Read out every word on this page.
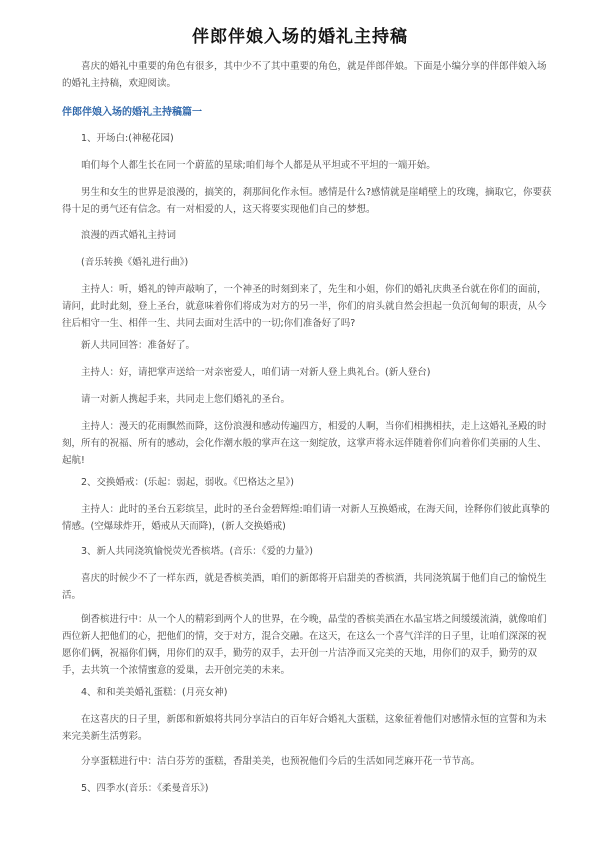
伴郎伴娘入场的婚礼主持稿

喜庆的婚礼中重要的角色有很多，其中少不了其中重要的角色，就是伴郎伴娘。下面是小编分享的伴郎伴娘入场的婚礼主持稿，欢迎阅读。

伴郎伴娘入场的婚礼主持稿篇一

1、开场白:(神秘花园)

咱们每个人都生长在同一个蔚蓝的星球;咱们每个人都是从平坦或不平坦的一端开始。

男生和女生的世界是浪漫的，搞笑的，刹那间化作永恒。感情是什么?感情就是崖峭壁上的玫瑰，摘取它，你要获得十足的勇气还有信念。有一对相爱的人，这天将要实现他们自己的梦想。

浪漫的西式婚礼主持词

(音乐转换《婚礼进行曲》)

主持人：听，婚礼的钟声敲响了，一个神圣的时刻到来了，先生和小姐，你们的婚礼庆典圣台就在你们的面前，请问，此时此刻，登上圣台，就意味着你们将成为对方的另一半，你们的肩头就自然会担起一负沉甸甸的职责，从今往后相守一生、相伴一生、共同去面对生活中的一切;你们准备好了吗?

新人共同回答：准备好了。

主持人：好，请把掌声送给一对亲密爱人，咱们请一对新人登上典礼台。(新人登台)

请一对新人携起手来，共同走上您们婚礼的圣台。

主持人：漫天的花雨飘然而降，这份浪漫和感动传遍四方，相爱的人啊，当你们相携相扶，走上这婚礼圣殿的时刻，所有的祝福、所有的感动，会化作潮水般的掌声在这一刻绽放，这掌声将永远伴随着你们向着你们美丽的人生、起航!

2、交换婚戒：(乐起：弱起，弱收。《巴格达之星》)

主持人：此时的圣台五彩缤呈，此时的圣台金碧辉煌:咱们请一对新人互换婚戒，在海天间，诠释你们彼此真挚的情感。(空爆球炸开，婚戒从天而降)，(新人交换婚戒)

3、新人共同浇筑愉悦荧光香槟塔。(音乐：《爱的力量》)

喜庆的时候少不了一样东西，就是香槟美酒，咱们的新郎将开启甜美的香槟酒，共同浇筑属于他们自己的愉悦生活。

倒香槟进行中：从一个人的精彩到两个人的世界，在今晚，晶莹的香槟美酒在水晶宝塔之间缓缓流淌，就像咱们西位新人把他们的心，把他们的情，交于对方，混合交融。在这天，在这么一个喜气洋洋的日子里，让咱们深深的祝愿你们俩，祝福你们俩，用你们的双手，勤劳的双手，去开创一片洁净而又完美的天地，用你们的双手，勤劳的双手，去共筑一个浓情蜜意的爱巢，去开创完美的未来。

4、和和美美婚礼蛋糕：(月亮女神)

在这喜庆的日子里，新郎和新娘将共同分享洁白的百年好合婚礼大蛋糕，这象征着他们对感情永恒的宣誓和为未来完美新生活剪彩。

分享蛋糕进行中：洁白芬芳的蛋糕，香甜美美，也预祝他们今后的生活如同芝麻开花一节节高。

5、四季水(音乐：《柔曼音乐》)
